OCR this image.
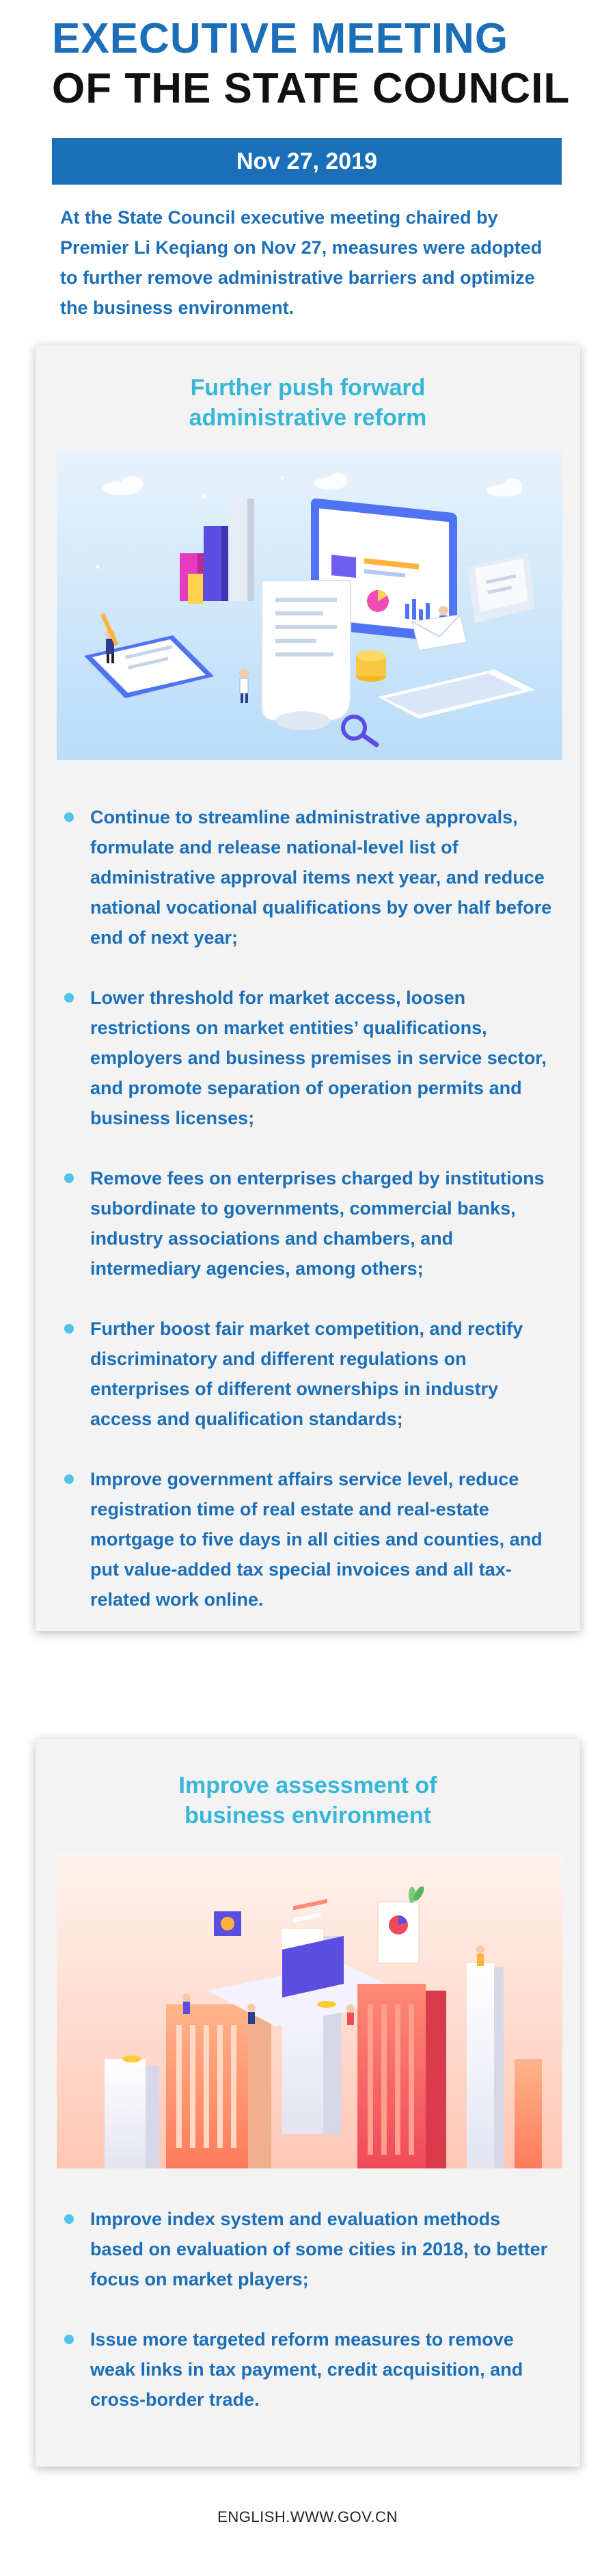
EXECUTIVE MEETING
OF THE STATE COUNCIL
Nov 27, 2019
At the State Council executive meeting chaired by Premier Li Keqiang on Nov 27, measures were adopted to further remove administrative barriers and optimize the business environment.
Further push forward
administrative reform
Continue to streamline administrative approvals, formulate and release national-level list of administrative approval items next year, and reduce national vocational qualifications by over half before end of next year;
Lower threshold for market access, loosen restrictions on market entities’ qualifications, employers and business premises in service sector, and promote separation of operation permits and business licenses;
Remove fees on enterprises charged by institutions subordinate to governments, commercial banks, industry associations and chambers, and intermediary agencies, among others;
Further boost fair market competition, and rectify discriminatory and different regulations on enterprises of different ownerships in industry access and qualification standards;
Improve government affairs service level, reduce registration time of real estate and real-estate mortgage to five days in all cities and counties, and put value-added tax special invoices and all tax-related work online.
Improve assessment of
business environment
Improve index system and evaluation methods based on evaluation of some cities in 2018, to better focus on market players;
Issue more targeted reform measures to remove weak links in tax payment, credit acquisition, and cross-border trade.
ENGLISH.WWW.GOV.CN
